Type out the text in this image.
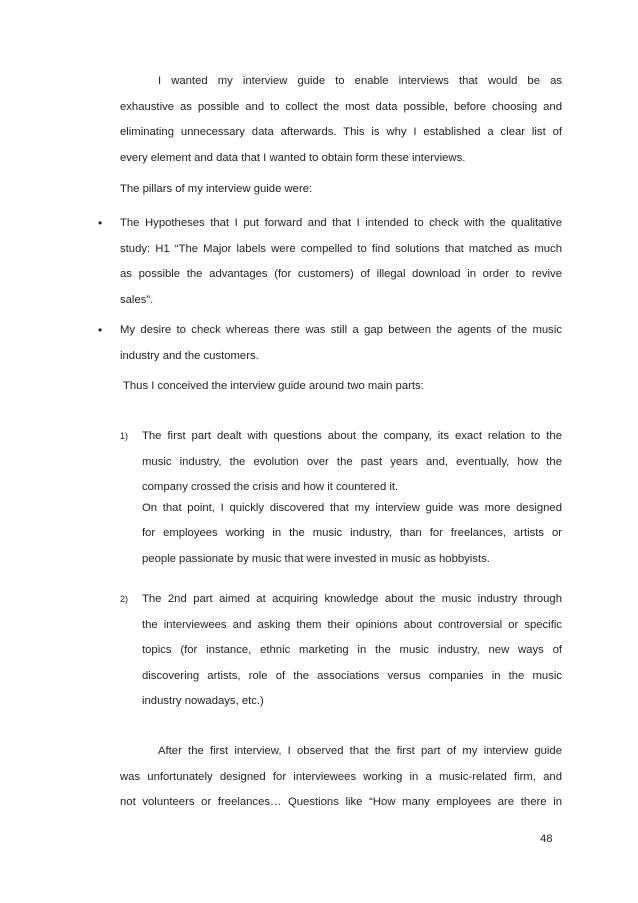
I wanted my interview guide to enable interviews that would be as
exhaustive as possible and to collect the most data possible, before choosing and
eliminating unnecessary data afterwards. This is why I established a clear list of
every element and data that I wanted to obtain form these interviews.
The pillars of my interview guide were:
• The Hypotheses that I put forward and that I intended to check with the qualitative
study: H1 “The Major labels were compelled to find solutions that matched as much
as possible the advantages (for customers) of illegal download in order to revive
sales”.
• My desire to check whereas there was still a gap between the agents of the music
industry and the customers.
Thus I conceived the interview guide around two main parts:
1) The first part dealt with questions about the company, its exact relation to the
music industry, the evolution over the past years and, eventually, how the
company crossed the crisis and how it countered it.
On that point, I quickly discovered that my interview guide was more designed
for employees working in the music industry, than for freelances, artists or
people passionate by music that were invested in music as hobbyists.
2) The 2nd part aimed at acquiring knowledge about the music industry through
the interviewees and asking them their opinions about controversial or specific
topics (for instance, ethnic marketing in the music industry, new ways of
discovering artists, role of the associations versus companies in the music
industry nowadays, etc.)
After the first interview, I observed that the first part of my interview guide
was unfortunately designed for interviewees working in a music-related firm, and
not volunteers or freelances… Questions like “How many employees are there in
48
